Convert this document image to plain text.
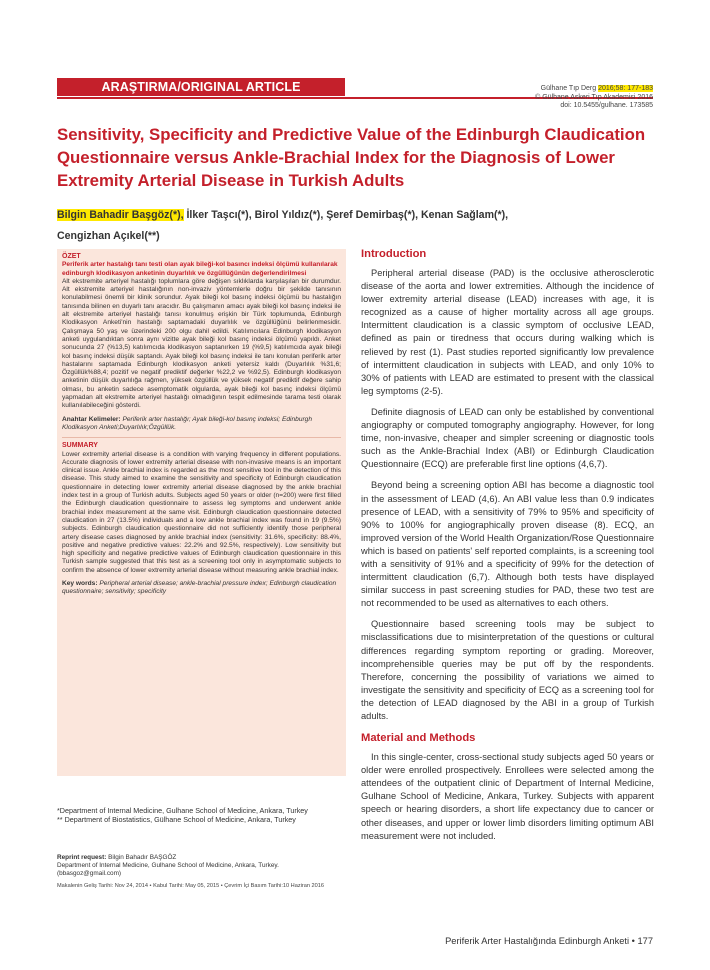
ARAŞTIRMA/ORIGINAL ARTICLE	Gülhane Tıp Derg 2016;58: 177-183
© Gülhane Askeri Tıp Akademisi 2016
doi: 10.5455/gulhane. 173585
Sensitivity, Specificity and Predictive Value of the Edinburgh Claudication Questionnaire versus Ankle-Brachial Index for the Diagnosis of Lower Extremity Arterial Disease in Turkish Adults
Bilgin Bahadir Başgöz(*), İlker Taşcı(*), Birol Yıldız(*), Şeref Demirbaş(*), Kenan Sağlam(*),
Cengizhan Açıkel(**)
ÖZET
Periferik arter hastalığı tanı testi olan ayak bileği-kol basıncı indeksi ölçümü kullanılarak edinburgh klodikasyon anketinin duyarlılık ve özgüllüğünün değerlendirilmesi
Alt ekstremite arteriyel hastalığı toplumlara göre değişen sıklıklarda karşılaşılan bir durumdur. Alt ekstremite arteriyel hastalığının non-invaziv yöntemlerle doğru bir şekilde tanısının konulabilmesi önemli bir klinik sorundur. Ayak bileği kol basınç indeksi ölçümü bu hastalığın tanısında bilinen en duyarlı tanı aracıdır. Bu çalışmanın amacı ayak bileği kol basınç indeksi ile alt ekstremite arteriyel hastalığı tanısı konulmuş erişkin bir Türk toplumunda, Edinburgh Klodikasyon Anketi'nin hastalığı saptamadaki duyarlılık ve özgüllüğünü belirlenmesidir. Çalışmaya 50 yaş ve üzerindeki 200 olgu dahil edildi. Katılımcılara Edinburgh klodikasyon anketi uygulandıktan sonra aynı vizitte ayak bileği kol basınç indeksi ölçümü yapıldı. Anket sonucunda 27 (%13,5) katılımcıda klodikasyon saptanırken 19 (%9,5) katılımcıda ayak bileği kol basınç indeksi düşük saptandı. Ayak bileği kol basınç indeksi ile tanı konulan periferik arter hastalarını saptamada Edinburgh klodikasyon anketi yetersiz kaldı (Duyarlılık %31,6; Özgüllük%88,4; pozitif ve negatif prediktif değerler %22,2 ve %92,5). Edinburgh klodikasyon anketinin düşük duyarlılığa rağmen, yüksek özgüllük ve yüksek negatif prediktif değere sahip olması, bu anketin sadece asemptomatik olgularda, ayak bileği kol basınç indeksi ölçümü yapmadan alt ekstremite arteriyel hastalığı olmadığının tespit edilmesinde tarama testi olarak kullanılabileceğini gösterdi.
Anahtar Kelimeler: Periferik arter hastalığı; Ayak bileği-kol basınç indeksi; Edinburgh Klodikasyon Anketi;Duyarlılık;Özgüllük.
SUMMARY
Lower extremity arterial disease is a condition with varying frequency in different populations. Accurate diagnosis of lower extremity arterial disease with non-invasive means is an important clinical issue. Ankle brachial index is regarded as the most sensitive tool in the detection of this disease. This study aimed to examine the sensitivity and specificity of Edinburgh claudication questionnaire in detecting lower extremity arterial disease diagnosed by the ankle brachial index test in a group of Turkish adults. Subjects aged 50 years or older (n=200) were first filled the Edinburgh claudication questionnaire to assess leg symptoms and underwent ankle brachial index measurement at the same visit. Edinburgh claudication questionnaire detected claudication in 27 (13.5%) individuals and a low ankle brachial index was found in 19 (9.5%) subjects. Edinburgh claudication questionnaire did not sufficiently identify those peripheral artery disease cases diagnosed by ankle brachial index (sensitivity: 31.6%, specificity: 88.4%, positive and negative predictive values: 22.2% and 92.5%, respectively). Low sensitivity but high specificity and negative predictive values of Edinburgh claudication questionnaire in this Turkish sample suggested that this test as a screening tool only in asymptomatic subjects to confirm the absence of lower extremity arterial disease without measuring ankle brachial index.
Key words: Peripheral arterial disease; ankle-brachial pressure index; Edinburgh claudication questionnaire; sensitivity; specificity
*Department of Internal Medicine, Gulhane School of Medicine, Ankara, Turkey
** Department of Biostatistics, Gülhane School of Medicine, Ankara, Turkey
Reprint request: Bilgin Bahadır BAŞGÖZ
Department of Internal Medicine, Gulhane School of Medicine, Ankara, Turkey.
(bbasgoz@gmail.com)
Makalenin Geliş Tarihi: Nov 24, 2014 • Kabul Tarihi: May 05, 2015 • Çevrim İçi Basım Tarihi:10 Haziran 2016
Introduction

Peripheral arterial disease (PAD) is the occlusive atherosclerotic disease of the aorta and lower extremities. Although the incidence of lower extremity arterial disease (LEAD) increases with age, it is recognized as a cause of higher mortality across all age groups. Intermittent claudication is a classic symptom of occlusive LEAD, defined as pain or tiredness that occurs during walking which is relieved by rest (1). Past studies reported significantly low prevalence of intermittent claudication in subjects with LEAD, and only 10% to 30% of patients with LEAD are estimated to present with the classical leg symptoms (2-5).

Definite diagnosis of LEAD can only be established by conventional angiography or computed tomography angiography. However, for long time, non-invasive, cheaper and simpler screening or diagnostic tools such as the Ankle-Brachial Index (ABI) or Edinburgh Claudication Questionnaire (ECQ) are preferable first line options (4,6,7).

Beyond being a screening option ABI has become a diagnostic tool in the assessment of LEAD (4,6). An ABI value less than 0.9 indicates presence of LEAD, with a sensitivity of 79% to 95% and specificity of 90% to 100% for angiographically proven disease (8). ECQ, an improved version of the World Health Organization/Rose Questionnaire which is based on patients' self reported complaints, is a screening tool with a sensitivity of 91% and a specificity of 99% for the detection of intermittent claudication (6,7). Although both tests have displayed similar success in past screening studies for PAD, these two test are not recommended to be used as alternatives to each others.

Questionnaire based screening tools may be subject to misclassifications due to misinterpretation of the questions or cultural differences regarding symptom reporting or grading. Moreover, incomprehensible queries may be put off by the respondents. Therefore, concerning the possibility of variations we aimed to investigate the sensitivity and specificity of ECQ as a screening tool for the detection of LEAD diagnosed by the ABI in a group of Turkish adults.

Material and Methods

In this single-center, cross-sectional study subjects aged 50 years or older were enrolled prospectively. Enrollees were selected among the attendees of the outpatient clinic of Department of Internal Medicine, Gulhane School of Medicine, Ankara, Turkey. Subjects with apparent speech or hearing disorders, a short life expectancy due to cancer or other diseases, and upper or lower limb disorders limiting optimum ABI measurement were not included.

Periferik Arter Hastalığında Edinburgh Anketi • 177
